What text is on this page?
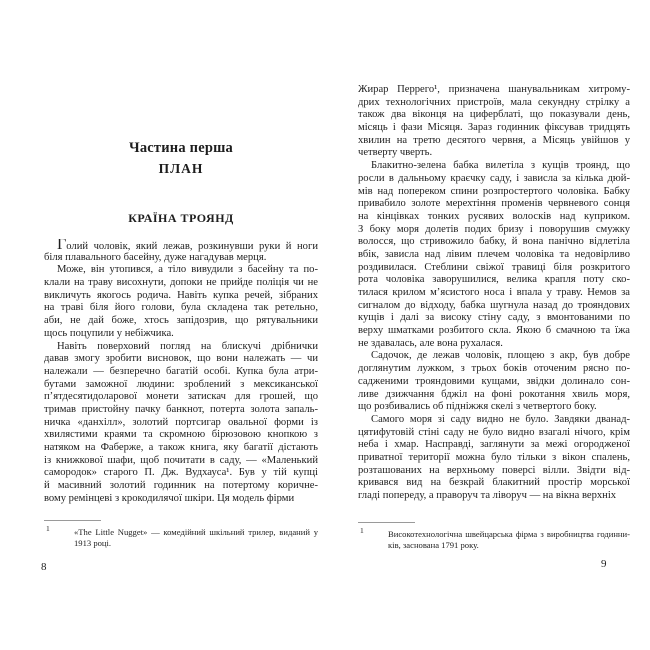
Частина перша
ПЛАН
КРАЇНА ТРОЯНД
Голий чоловік, який лежав, розкинувши руки й ноги
біля плавального басейну, дуже нагадував мерця.
Може, він утопився, а тіло вивудили з басейну та по-
клали на траву висохнути, допоки не прийде поліція чи не
викличуть якогось родича. Навіть купка речей, зібраних
на траві біля його голови, була складена так ретельно,
аби, не дай боже, хтось запідозрив, що рятувальники
щось поцупили у небіжчика.
Навіть поверховий погляд на блискучі дрібнички
давав змогу зробити висновок, що вони належать — чи
належали — безперечно багатій особі. Купка була атри-
бутами заможної людини: зроблений з мексиканської
п’ятдесятидоларової монети затискач для грошей, що
тримав пристойну пачку банкнот, потерта золота запаль-
ничка «данхілл», золотий портсигар овальної форми із
хвилястими краями та скромною бірюзовою кнопкою з
натяком на Фаберже, а також книга, яку багатії дістають
із книжкової шафи, щоб почитати в саду, — «Маленький
самородок» старого П. Дж. Вудхауса¹. Був у тій купці
й масивний золотий годинник на потертому коричне-
вому ремінцеві з крокодилячої шкіри. Ця модель фірми
1	«The Little Nugget» — комедійний шкільний трилер, виданий у
1913 році.
Жирар Перрего¹, призначена шанувальникам хитрому-
дрих технологічних пристроїв, мала секундну стрілку а
також два віконця на циферблаті, що показували день,
місяць і фази Місяця. Зараз годинник фіксував тридцять
хвилин на третю десятого червня, а Місяць увійшов у
четверту чверть.
Блакитно-зелена бабка вилетіла з кущів троянд, що
росли в дальньому краєчку саду, і зависла за кілька дюй-
мів над попереком спини розпростертого чоловіка. Бабку
привабило золоте мерехтіння променів червневого сонця
на кінцівках тонких русявих волосків над куприком.
З боку моря долетів подих бризу і поворушив смужку
волосся, що стривожило бабку, й вона панічно відлетіла
вбік, зависла над лівим плечем чоловіка та недовірливо
роздивилася. Стеблини свіжої травиці біля розкритого
рота чоловіка заворушилися, велика крапля поту ско-
тилася крилом м’ясистого носа і впала у траву. Немов за
сигналом до відходу, бабка шугнула назад до трояндових
кущів і далі за високу стіну саду, з вмонтованими по
верху шматками розбитого скла. Якою б смачною та їжа
не здавалась, але вона рухалася.
Садочок, де лежав чоловік, площею з акр, був добре
доглянутим лужком, з трьох боків оточеним рясно по-
садженими трояндовими кущами, звідки долинало сон-
ливе дзижчання бджіл на фоні рокотання хвиль моря,
що розбивались об підніжжя скелі з четвертого боку.
Самого моря зі саду видно не було. Завдяки дванад-
цятифутовій стіні саду не було видно взагалі нічого, крім
неба і хмар. Насправді, заглянути за межі огородженої
приватної території можна було тільки з вікон спалень,
розташованих на верхньому поверсі вілли. Звідти від-
кривався вид на безкрай блакитний простір морської
гладі попереду, а праворуч та ліворуч — на вікна верхніх
1	Високотехнологічна швейцарська фірма з виробництва годинни-
ків, заснована 1791 року.
8	9
